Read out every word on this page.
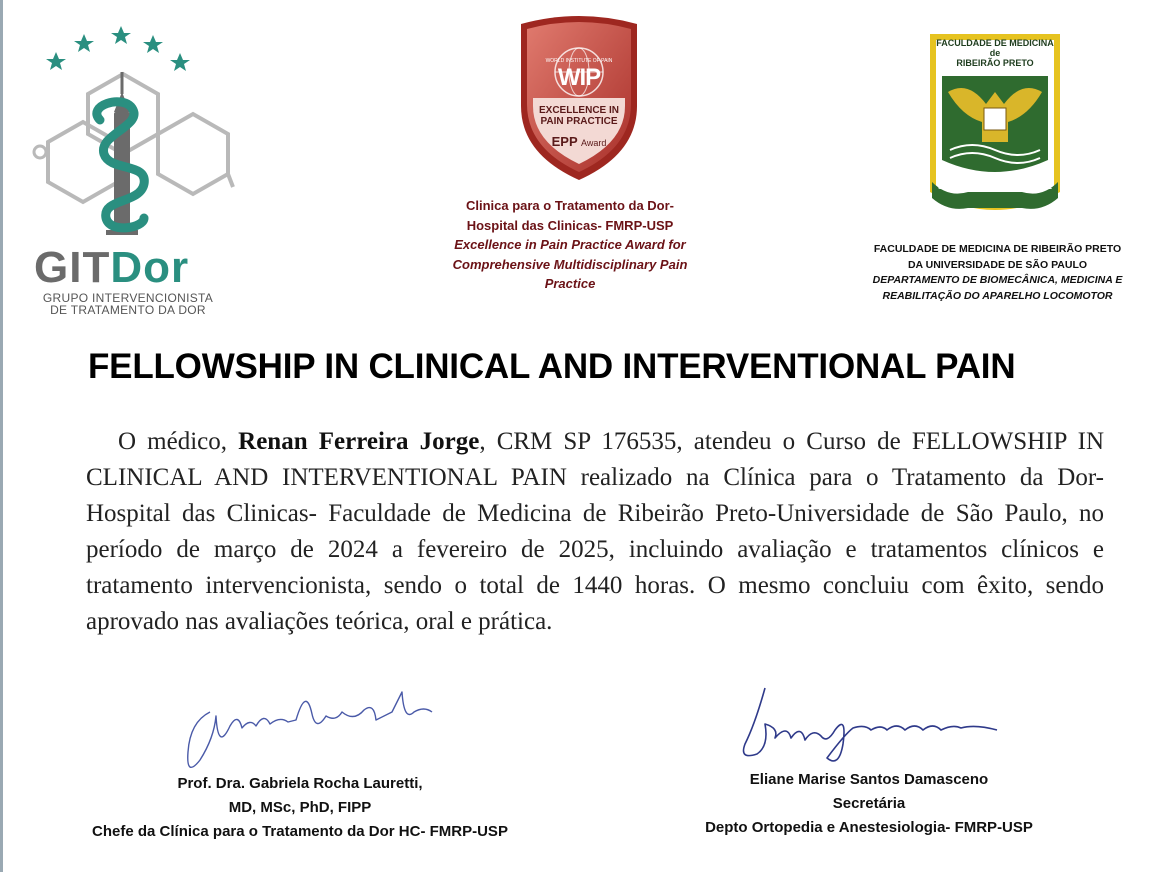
GITDor
GRUPO INTERVENCIONISTA
DE TRATAMENTO DA DOR
WORLD INSTITUTE OF PAIN
WIP
EXCELLENCE IN
PAIN PRACTICE
EPP Award
Clinica para o Tratamento da Dor-
Hospital das Clinicas- FMRP-USP
Excellence in Pain Practice Award for
Comprehensive Multidisciplinary Pain
Practice
FACULDADE DE MEDICINA
de
RIBEIRÃO PRETO
SCIENTIA TERMINUM AMOVERE
FACULDADE DE MEDICINA DE RIBEIRÃO PRETO
DA UNIVERSIDADE DE SÃO PAULO
DEPARTAMENTO DE BIOMECÂNICA, MEDICINA E
REABILITAÇÃO DO APARELHO LOCOMOTOR
FELLOWSHIP IN CLINICAL AND INTERVENTIONAL PAIN

O médico, Renan Ferreira Jorge, CRM SP 176535, atendeu o Curso de FELLOWSHIP IN CLINICAL AND INTERVENTIONAL PAIN realizado na Clínica para o Tratamento da Dor- Hospital das Clinicas- Faculdade de Medicina de Ribeirão Preto-Universidade de São Paulo, no período de março de 2024 a fevereiro de 2025, incluindo avaliação e tratamentos clínicos e tratamento intervencionista, sendo o total de 1440 horas. O mesmo concluiu com êxito, sendo aprovado nas avaliações teórica, oral e prática.

Prof. Dra. Gabriela Rocha Lauretti,
MD, MSc, PhD, FIPP
Chefe da Clínica para o Tratamento da Dor HC- FMRP-USP
Eliane Marise Santos Damasceno
Secretária
Depto Ortopedia e Anestesiologia- FMRP-USP
